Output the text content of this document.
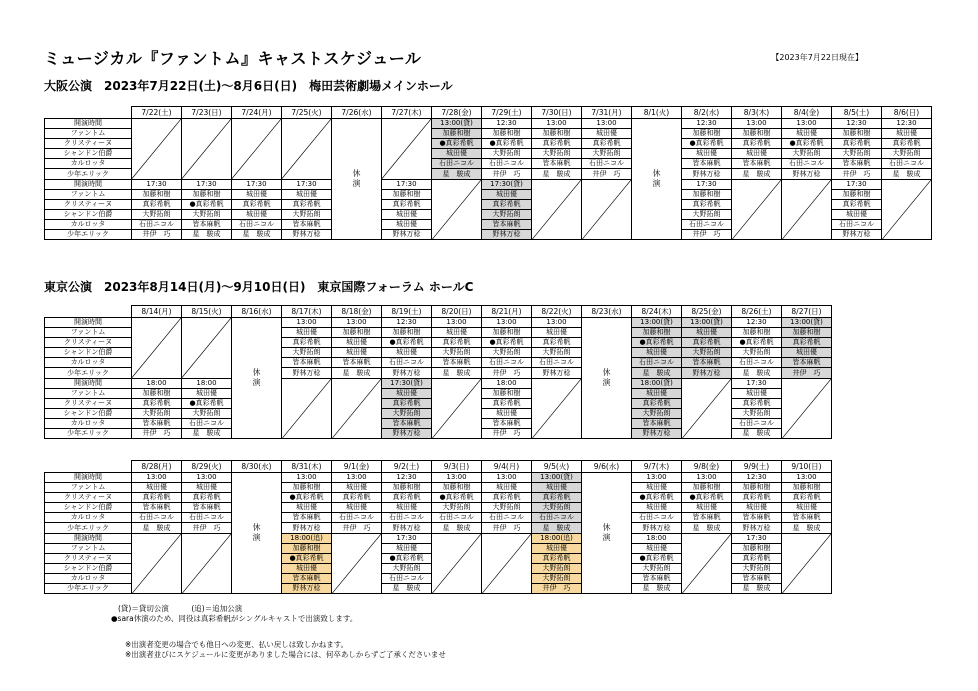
ミュージカル『ファントム』キャストスケジュール	【2023年7月22日現在】
大阪公演　2023年7月22日(土)～8月6日(日)　梅田芸術劇場メインホール
	7/22(土)	7/23(日)	7/24(月)	7/25(火)	7/26(水)	7/27(木)	7/28(金)	7/29(土)	7/30(日)	7/31(月)	8/1(火)	8/2(水)	8/3(木)	8/4(金)	8/5(土)	8/6(日)
開演時間					休演		13:00(貸)	12:30	13:00	13:00	休演	12:30	13:00	13:00	12:30	12:30
ファントム							加藤和樹	加藤和樹	加藤和樹	城田優		加藤和樹	加藤和樹	城田優	加藤和樹	城田優
クリスティーヌ							●真彩希帆	●真彩希帆	真彩希帆	真彩希帆		●真彩希帆	真彩希帆	●真彩希帆	真彩希帆	真彩希帆
シャンドン伯爵							城田優	大野拓朗	大野拓朗	大野拓朗		城田優	城田優	大野拓朗	大野拓朗	大野拓朗
カルロッタ							石田ニコル	石田ニコル	皆本麻帆	石田ニコル		皆本麻帆	皆本麻帆	石田ニコル	皆本麻帆	石田ニコル
少年エリック							星　駿成	井伊　巧	星　駿成	井伊　巧		野林万稔	星　駿成	野林万稔	井伊　巧	星　駿成
開演時間	17:30	17:30	17:30	17:30		17:30		17:30(貸)				17:30			17:30	

ファントム	加藤和樹	加藤和樹	城田優	城田優		加藤和樹		城田優				加藤和樹			加藤和樹	
クリスティーヌ	真彩希帆	●真彩希帆	真彩希帆	真彩希帆		真彩希帆		真彩希帆				真彩希帆			真彩希帆	
シャンドン伯爵	大野拓朗	大野拓朗	城田優	大野拓朗		城田優		大野拓朗				大野拓朗			城田優	
カルロッタ	石田ニコル	皆本麻帆	石田ニコル	皆本麻帆		城田優		皆本麻帆				石田ニコル			石田ニコル	
少年エリック	井伊　巧	星　駿成	星　駿成	野林万稔		野林万稔		野林万稔				井伊　巧			野林万稔	
東京公演　2023年8月14日(月)～9月10日(日)　東京国際フォーラム ホールC
	8/14(月)	8/15(火)	8/16(水)	8/17(木)	8/18(金)	8/19(土)	8/20(日)	8/21(月)	8/22(火)	8/23(水)	8/24(木)	8/25(金)	8/26(土)	8/27(日)
開演時間			休演	13:00	13:00	12:30	13:00	13:00	13:00	休演	13:00(貸)	13:00(貸)	12:30	13:00(貸)
ファントム				城田優	加藤和樹	加藤和樹	城田優	加藤和樹	城田優		加藤和樹	城田優	加藤和樹	加藤和樹
クリスティーヌ				真彩希帆	城田優	●真彩希帆	真彩希帆	●真彩希帆	真彩希帆		●真彩希帆	真彩希帆	●真彩希帆	真彩希帆
シャンドン伯爵				大野拓朗	城田優	城田優	大野拓朗	大野拓朗	大野拓朗		城田優	大野拓朗	大野拓朗	城田優
カルロッタ				皆本麻帆	皆本麻帆	石田ニコル	皆本麻帆	石田ニコル	石田ニコル		石田ニコル	皆本麻帆	石田ニコル	皆本麻帆
少年エリック				野林万稔	星　駿成	野林万稔	星　駿成	井伊　巧	野林万稔		星　駿成	野林万稔	星　駿成	井伊　巧
開演時間	18:00	18:00				17:30(貸)		18:00			18:00(貸)		17:30	

ファントム	加藤和樹	城田優				城田優		加藤和樹			城田優		城田優	
クリスティーヌ	真彩希帆	●真彩希帆				真彩希帆		真彩希帆			真彩希帆		真彩希帆	
シャンドン伯爵	大野拓朗	大野拓朗				大野拓朗		城田優			大野拓朗		大野拓朗	
カルロッタ	皆本麻帆	石田ニコル				皆本麻帆		皆本麻帆			皆本麻帆		石田ニコル	
少年エリック	井伊　巧	星　駿成				野林万稔		井伊　巧			野林万稔		星　駿成	
	8/28(月)	8/29(火)	8/30(水)	8/31(木)	9/1(金)	9/2(土)	9/3(日)	9/4(月)	9/5(火)	9/6(水)	9/7(木)	9/8(金)	9/9(土)	9/10(日)
開演時間	13:00	13:00	休演	13:00	13:00	12:30	13:00	13:00	13:00(貸)	休演	13:00	13:00	12:30	13:00
ファントム	城田優	城田優		加藤和樹	城田優	加藤和樹	加藤和樹	城田優	城田優		城田優	加藤和樹	加藤和樹	加藤和樹
クリスティーヌ	真彩希帆	真彩希帆		●真彩希帆	真彩希帆	真彩希帆	●真彩希帆	真彩希帆	真彩希帆		●真彩希帆	●真彩希帆	真彩希帆	真彩希帆
シャンドン伯爵	皆本麻帆	皆本麻帆		城田優	城田優	城田優	大野拓朗	大野拓朗	大野拓朗		城田優	城田優	城田優	城田優
カルロッタ	石田ニコル	石田ニコル		皆本麻帆	石田ニコル	石田ニコル	石田ニコル	石田ニコル	石田ニコル		石田ニコル	皆本麻帆	皆本麻帆	皆本麻帆
少年エリック	星　駿成	井伊　巧		野林万稔	井伊　巧	野林万稔	星　駿成	井伊　巧	星　駿成		野林万稔	星　駿成	野林万稔	星　駿成
開演時間				18:00(追)		17:30			18:00(追)		18:00		17:30	

ファントム				加藤和樹		城田優			城田優		城田優		加藤和樹	
クリスティーヌ				●真彩希帆		●真彩希帆			真彩希帆		●真彩希帆		真彩希帆	
シャンドン伯爵				城田優		大野拓朗			大野拓朗		大野拓朗		大野拓朗	
カルロッタ				皆本麻帆		石田ニコル			大野拓朗		皆本麻帆		皆本麻帆	
少年エリック				野林万稔		星　駿成			井伊　巧		星　駿成		星　駿成	
(貸)＝貸切公演　　　(追)＝追加公演
●sara休演のため、同役は真彩希帆がシングルキャストで出演致します。
※出演者変更の場合でも他日への変更、払い戻しは致しかねます。
※出演者並びにスケジュールに変更がありました場合には、何卒あしからずご了承くださいませ
